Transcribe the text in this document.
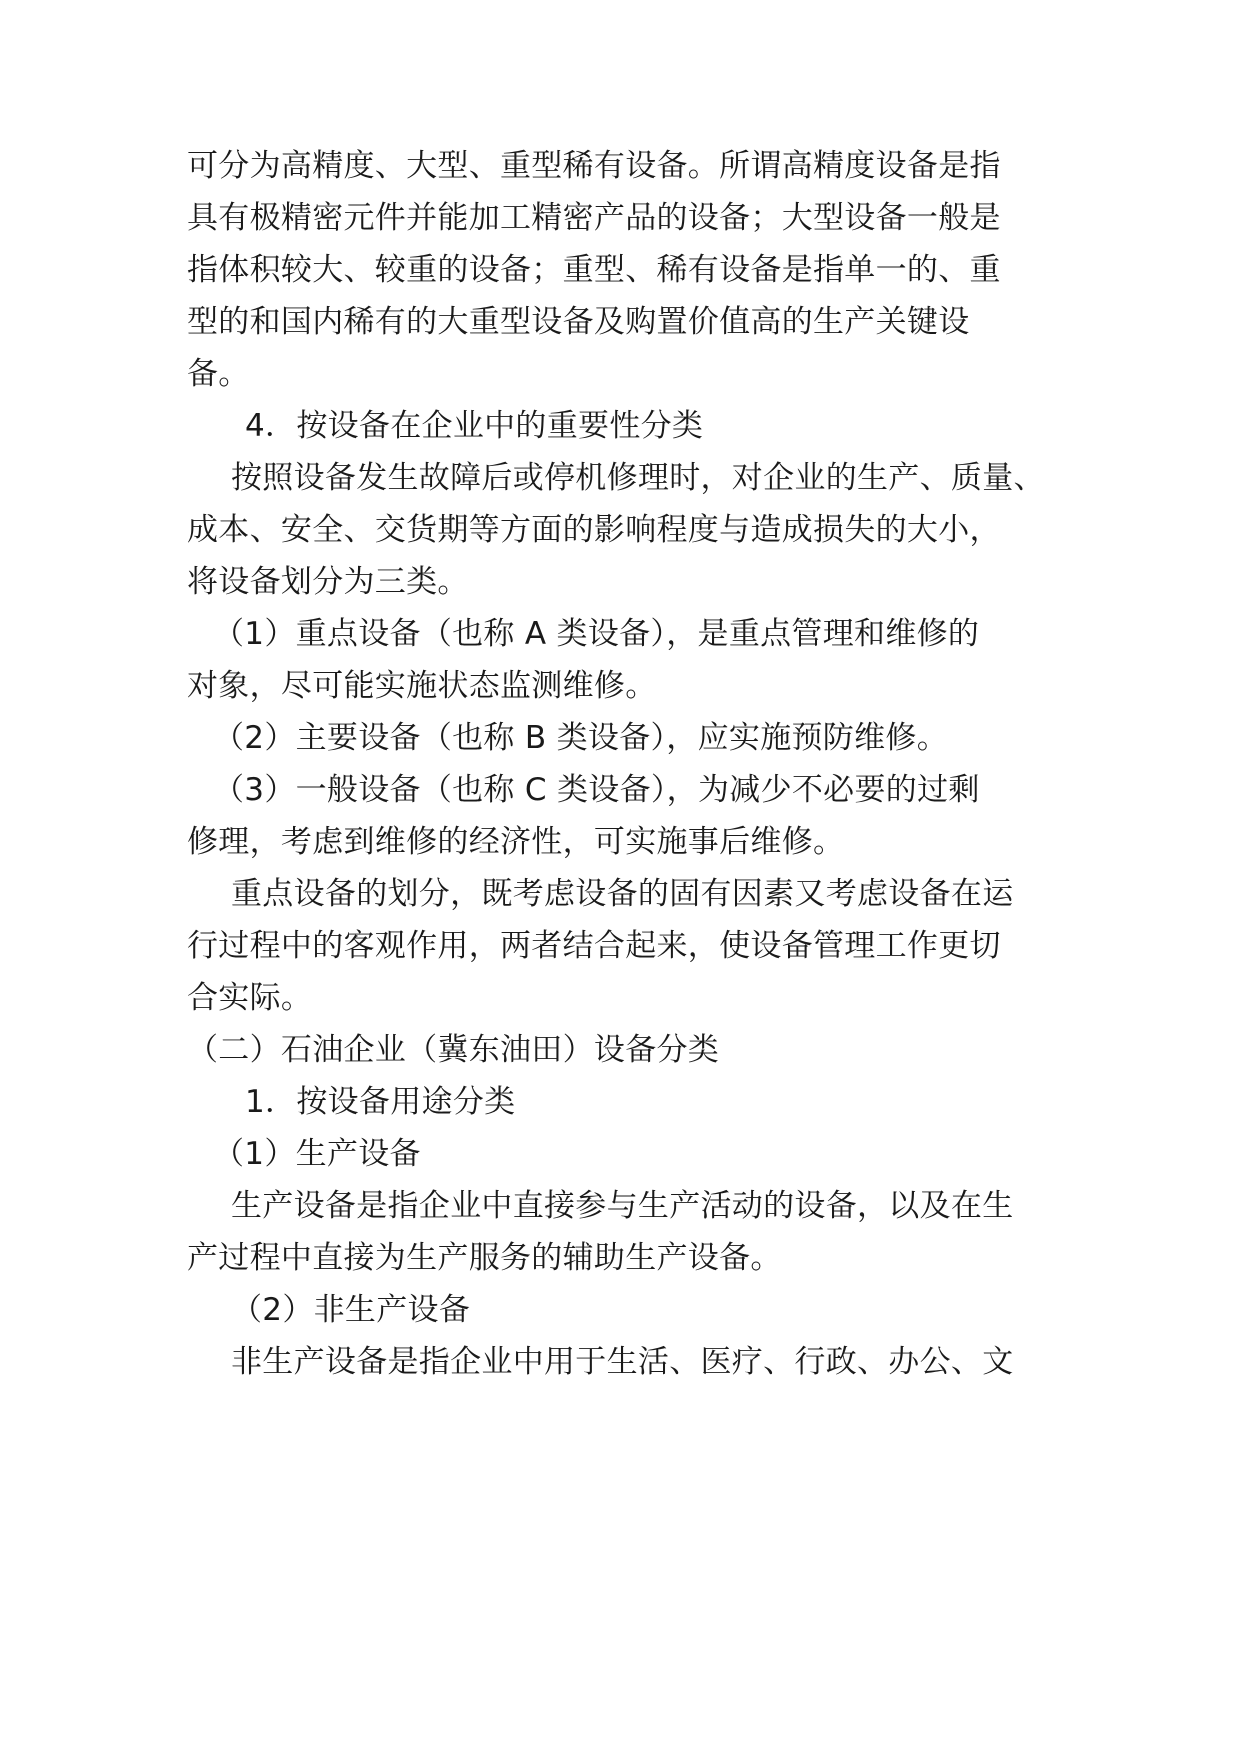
可分为高精度、大型、重型稀有设备。所谓高精度设备是指
具有极精密元件并能加工精密产品的设备；大型设备一般是
指体积较大、较重的设备；重型、稀有设备是指单一的、重
型的和国内稀有的大重型设备及购置价值高的生产关键设
备。
4．按设备在企业中的重要性分类
按照设备发生故障后或停机修理时，对企业的生产、质量、
成本、安全、交货期等方面的影响程度与造成损失的大小，
将设备划分为三类。
（1）重点设备（也称 A 类设备），是重点管理和维修的
对象，尽可能实施状态监测维修。
（2）主要设备（也称 B 类设备），应实施预防维修。
（3）一般设备（也称 C 类设备），为减少不必要的过剩
修理，考虑到维修的经济性，可实施事后维修。
重点设备的划分，既考虑设备的固有因素又考虑设备在运
行过程中的客观作用，两者结合起来，使设备管理工作更切
合实际。
（二）石油企业（冀东油田）设备分类
1．按设备用途分类
（1）生产设备
生产设备是指企业中直接参与生产活动的设备，以及在生
产过程中直接为生产服务的辅助生产设备。
（2）非生产设备
非生产设备是指企业中用于生活、医疗、行政、办公、文
